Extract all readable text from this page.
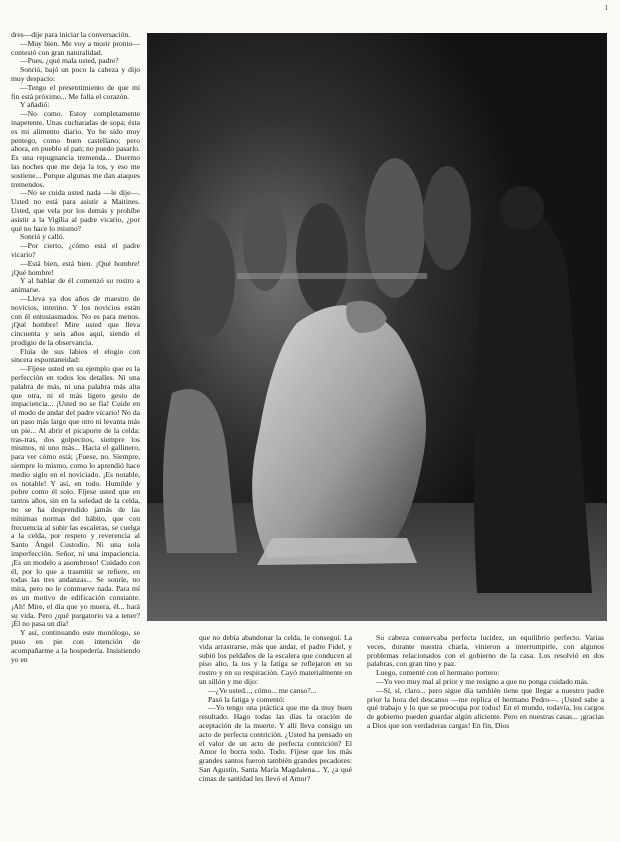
1

dres—dije para iniciar la conversación.

—Muy bien. Me voy a morir pronto—contestó con gran naturalidad.

—Pues, ¿qué mala usted, padre?

Sonrió, bajó un poco la cabeza y dijo muy despacio:

—Tengo el presentimiento de que mi fin está próximo... Me falla el corazón.

Y añadió:

—No como. Estoy completamente inapetente. Unas cucharadas de sopa; ésta es mi alimento diario. Yo he sido muy pentego, como buen castellano; pero ahora, en pueblo el pan; no puedo pasarlo. Es una repugnancia tremenda... Duermo las noches que me deja la tos, y eso me sostiene... Porque algunas me dan ataques tremendos.

—No se cuida usted nada —le dije—. Usted no está para asistir a Maitines. Usted, que vela por los demás y prohíbe asistir a la Vigilia al padre vicario, ¿por qué no hace lo mismo?

Sonrió y calló.

—Por cierto, ¿cómo está el padre vicario?

—Está bien, está bien. ¡Qué hombre! ¡Qué hombre!

Y al hablar de él comenzó su rostro a animarse.

—Lleva ya dos años de maestro de novicios, interino. Y los novicios están con él entusiasmados. No es para menos. ¡Qué hombre! Mire usted que lleva cincuenta y seis años aquí, siendo el prodigio de la observancia.

Fluía de sus labios el elogio con sincera espontaneidad:

—Fíjese usted en su ejemplo que es la perfección en todos los detalles. Ni una palabra de más, ni una palabra más alta que otra, ni el más ligero gesto de impaciencia... ¡Usted no se fía! Cuide en el modo de andar del padre vicario! No da un paso más largo que otro ni levanta más un pie... Al abrir el picaporte de la celda: tras-tras, dos golpecitos, siempre los mismos, ni uno más... Hacia el gallinero, para ver cómo está; ¡Fuese, no. Siempre, siempre lo mismo, como lo aprendió hace medio siglo en el noviciado. ¡Es notable, es notable! Y así, en todo. Humilde y pobre como él solo. Fíjese usted que en tantos años, sin en la soledad de la celda, no se ha desprendido jamás de las mínimas normas del hábito, que con frecuencia al subir las escaleras, se cuelga a la celda, por respeto y reverencia al Santo Ángel Custodio. Ni una sola imperfección. Señor, ni una impaciencia. ¡Es un modelo a asombroso! Cuidado con él, por lo que a trasmitir se refiere, en todas las tres andanzas... Se sonríe, no mira, pero no le conmueve nada. Para mí es un motivo de edificación constante. ¡Ah! Mire, el día que yo muera, él... hará su vida. Pero ¿qué purgatorio va a tener? ¡Él no pasa un día!

Y así, continuando este monólogo, se puso en pie con intención de acompañarme a la hospedería. Insistiendo yo en

que no debía abandonar la celda, le conseguí. La vida arrastrarse, más que andar, el padre Fidel, y subió los peldaños de la escalera que conducen al piso alto, la tos y la fatiga se reflejaron en su rostro y en su respiración. Cayó materialmente en un sillón y me dijo:

—¿Ve usted..., cómo... me canso?...

Pasó la fatiga y comentó:

—Yo tengo una práctica que me da muy buen resultado. Hago todas las días la oración de aceptación de la muerte. Y allí lleva consigo un acto de perfecta contrición. ¿Usted ha pensado en el valor de un acto de perfecta contrición? El Amor lo borra todo. Todo. Fíjese que los más grandes santos fueron también grandes pecadores: San Agustín, Santa María Magdalena... Y, ¿a qué cimas de santidad les llevó el Amor?

Su cabeza conservaba perfecta lucidez, un equilibrio perfecto. Varias veces, durante nuestra charla, vinieron a interrumpirle, con algunos problemas relacionados con el gobierno de la casa. Los resolvió en dos palabras, con gran tino y paz.

Luego, comenté con el hermano portero:

—Yo veo muy mal al prior y me resigno a que no ponga cuidado más.

—Sí, sí, claro... pero sigue día también tiene que llegar a nuestro padre prior la hora del descanso —me replica el hermano Pedro—. ¡Usted sabe a qué trabajo y lo que se preocupa por todos! En el mundo, todavía, los cargos de gobierno pueden guardar algún aliciente. Pero en nuestras casas... ¡gracias a Dios que son verdaderas cargas! En fin, Dios
